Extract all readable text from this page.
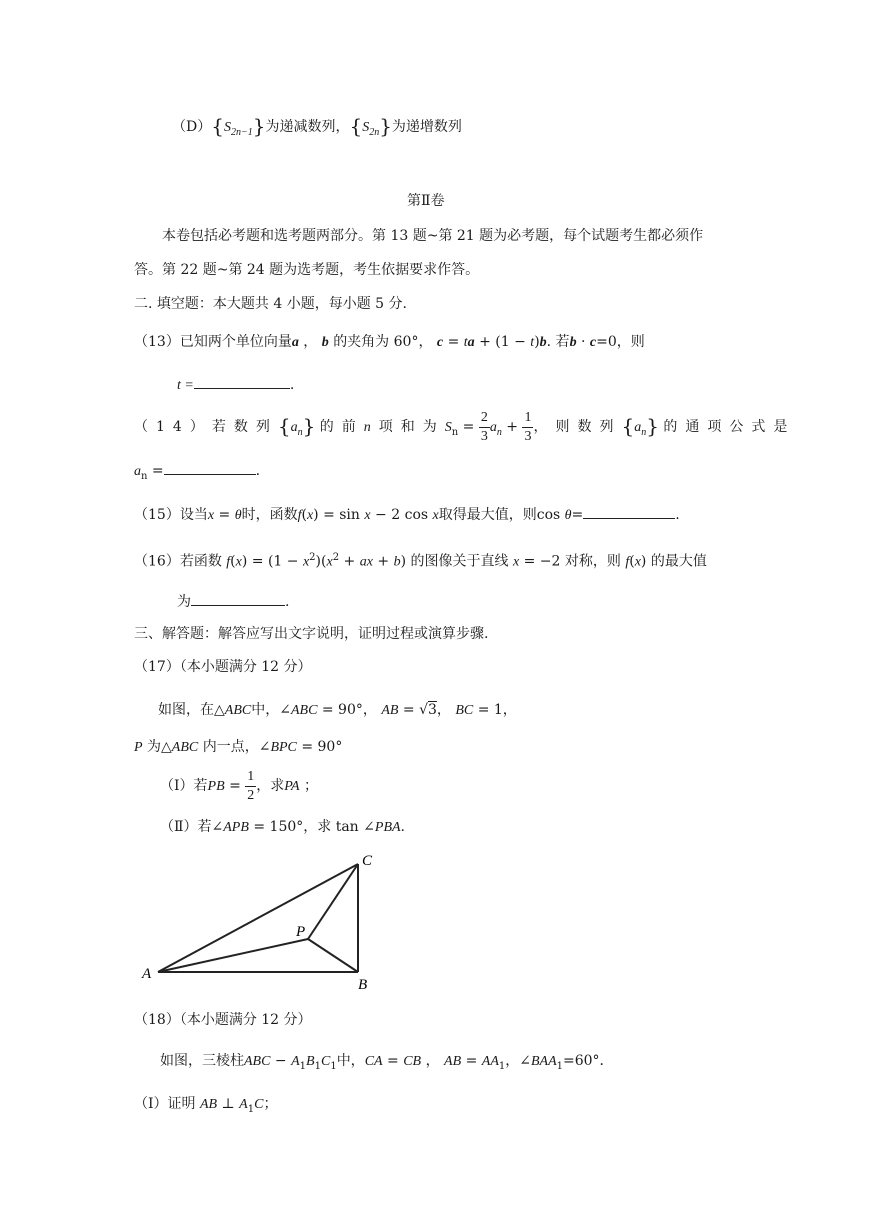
$(D)\{S_{2n-1}\}$为递减数列，$\{S_{2n}\}$为递增数列
第Ⅱ卷
本卷包括必考题和选考题两部分。第 13 题~第 21 题为必考题，每个试题考生都必须作
答。第 22 题~第 24 题为选考题，考生依据要求作答。
二. 填空题：本大题共 4 小题，每小题 5 分.
（13）已知两个单位向量a ， b 的夹角为 60°， c = ta + (1 − t)b. 若b · c=0，则
t =	.
（14）若数列$\{a_n\}$ 的前n 项和为$S_n = \frac{2}{3} a_n + \frac{1}{3}$ ，则数列$\{a_n\}$ 的通项公式是
$a_n$ =	.
（15）设当x = θ时，函数f(x) = sin x − 2 cos x取得最大值，则cos θ=	.
（16）若函数 $f(x) = (1 - x^2)(x^2$ + ax + b) 的图像关于直线 x = −2 对称，则 f(x) 的最大值
为	.
三、解答题：解答应写出文字说明，证明过程或演算步骤.
（17）（本小题满分 12 分）
如图，在△ABC中，∠ABC = 90°， AB = √3， BC = 1，
P 为△ABC 内一点，∠BPC = 90°
（Ⅰ）若PB = $\frac{1}{2}$ ，求PA ；
（Ⅱ）若∠APB = 150°，求 tan ∠PBA.
A
B
C
P
（18）（本小题满分 12 分）
如图，三棱柱ABC − $A_1B_1C_1$中，CA = CB ， AB = $AA_1$，$\angle BAA_1=60^\circ$．
（Ⅰ）证明 AB ⊥ $A_1C$；
